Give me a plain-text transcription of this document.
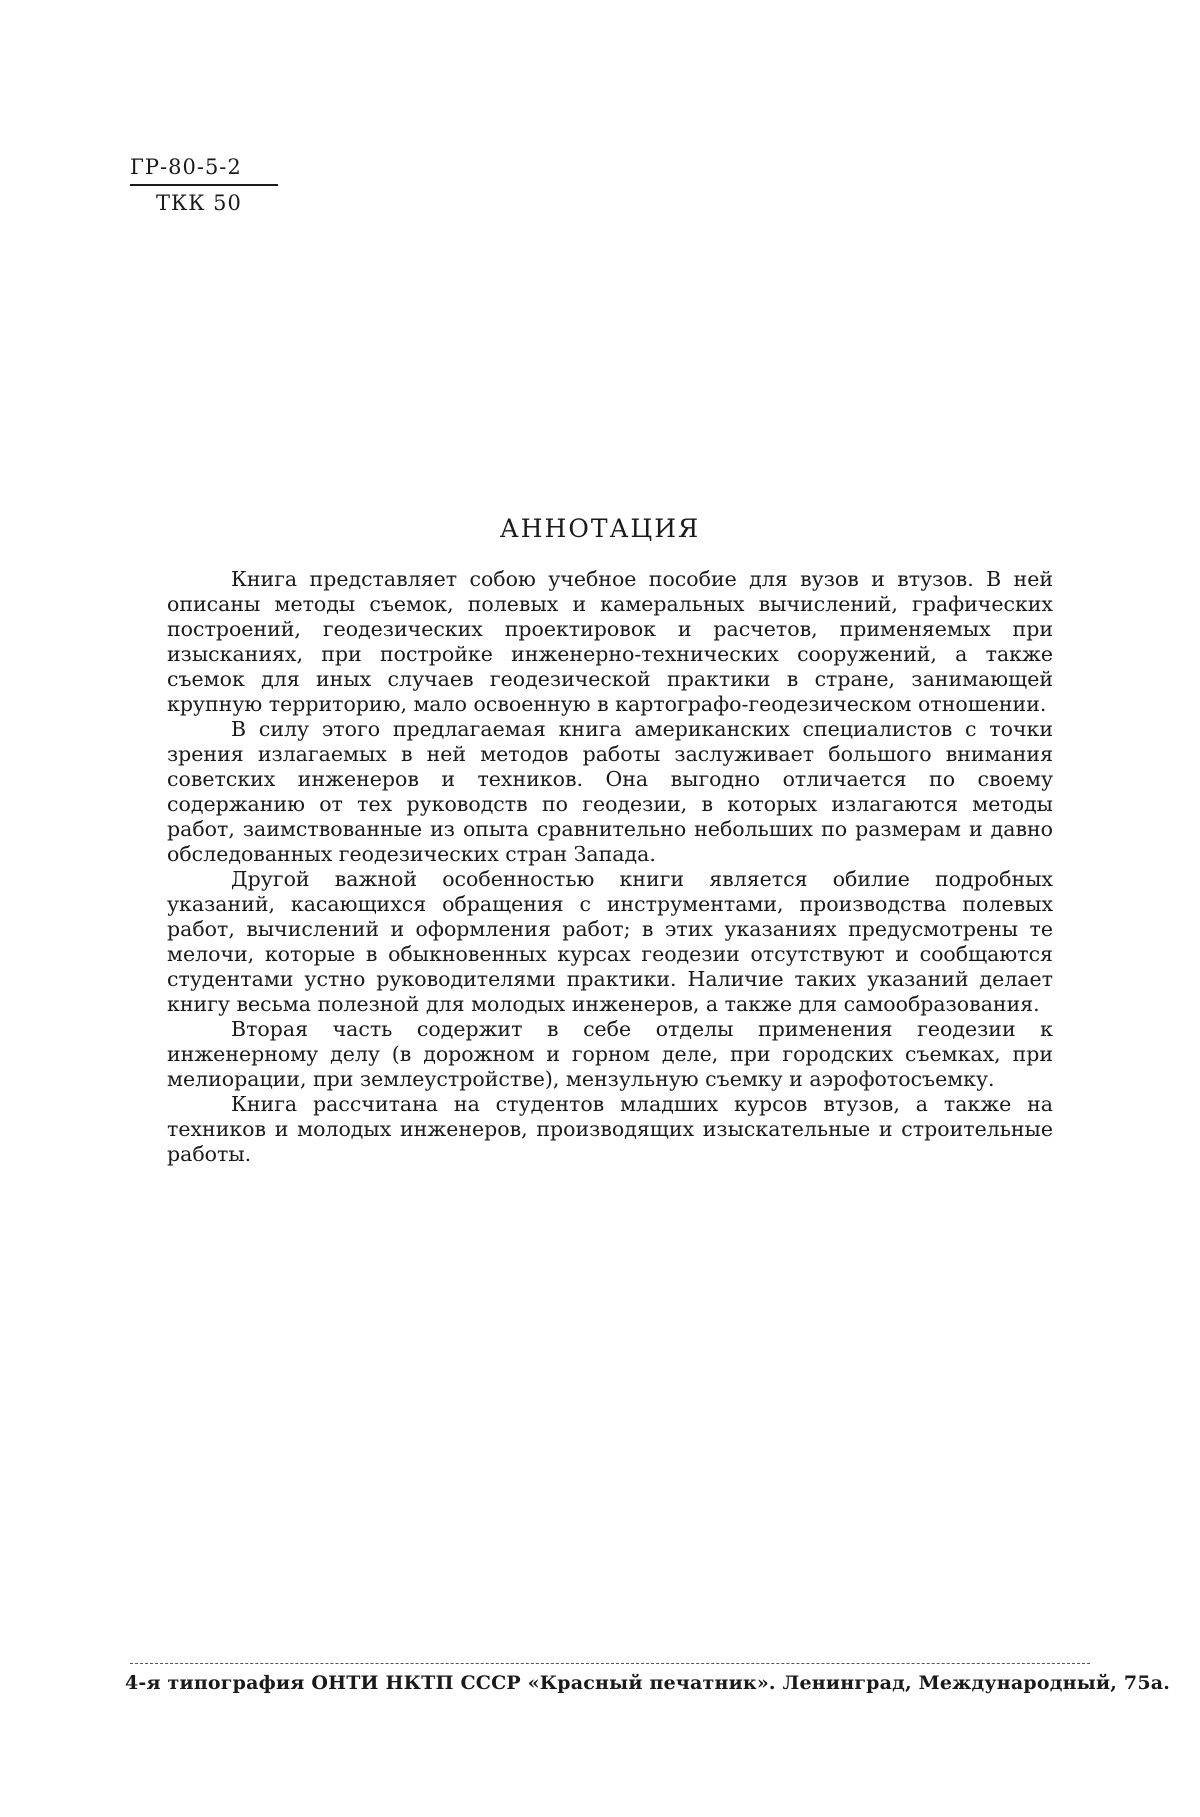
ГР-80-5-2
ТКК 50
АННОТАЦИЯ

Книга представляет собою учебное пособие для вузов и втузов. В ней описаны методы съемок, полевых и камеральных вычислений, графических построений, геодезических проектировок и расчетов, применяемых при изысканиях, при постройке инженерно-технических сооружений, а также съемок для иных случаев геодезической практики в стране, занимающей крупную территорию, мало освоенную в картографо-геодезическом отношении.

В силу этого предлагаемая книга американских специалистов с точки зрения излагаемых в ней методов работы заслуживает большого внимания советских инженеров и техников. Она выгодно отличается по своему содержанию от тех руководств по геодезии, в которых излагаются методы работ, заимствованные из опыта сравнительно небольших по размерам и давно обследованных геодезических стран Запада.

Другой важной особенностью книги является обилие подробных указаний, касающихся обращения с инструментами, производства полевых работ, вычислений и оформления работ; в этих указаниях предусмотрены те мелочи, которые в обыкновенных курсах геодезии отсутствуют и сообщаются студентами устно руководителями практики. Наличие таких указаний делает книгу весьма полезной для молодых инженеров, а также для самообразования.

Вторая часть содержит в себе отделы применения геодезии к инженерному делу (в дорожном и горном деле, при городских съемках, при мелиорации, при землеустройстве), мензульную съемку и аэрофотосъемку.

Книга рассчитана на студентов младших курсов втузов, а также на техников и молодых инженеров, производящих изыскательные и строительные работы.

4-я типография ОНТИ НКТП СССР «Красный печатник». Ленинград, Международный, 75а.
